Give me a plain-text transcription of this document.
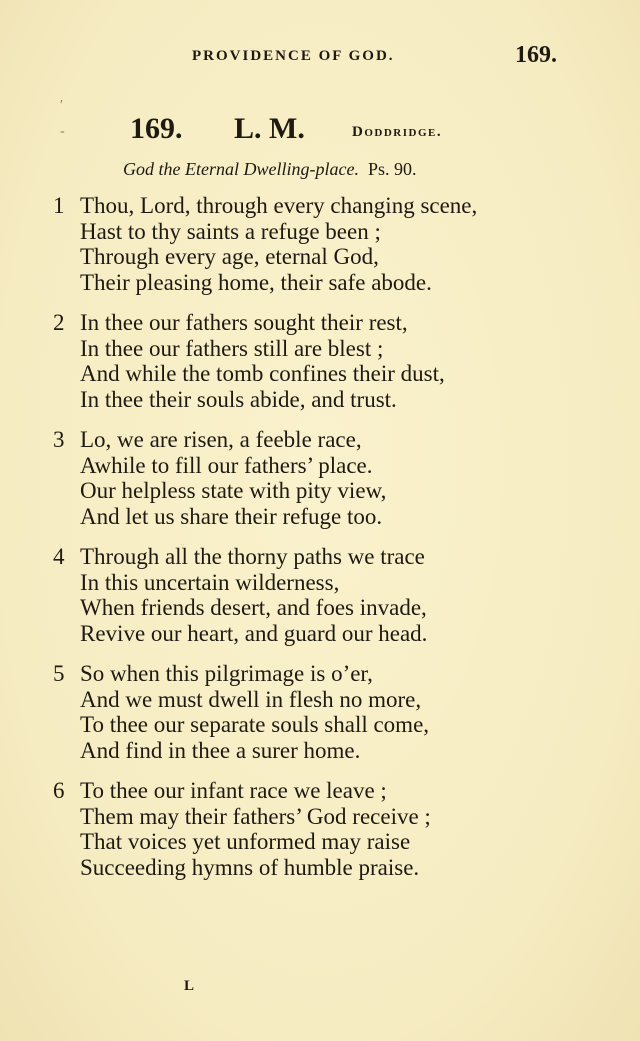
PROVIDENCE OF GOD.	169.
′
- 169. L. M.	Doddridge.
God the Eternal Dwelling-place. Ps. 90.
1 Thou, Lord, through every changing scene,
Hast to thy saints a refuge been ;
Through every age, eternal God,
Their pleasing home, their safe abode.
2 In thee our fathers sought their rest,
In thee our fathers still are blest ;
And while the tomb confines their dust,
In thee their souls abide, and trust.
3 Lo, we are risen, a feeble race,
Awhile to fill our fathers’ place.
Our helpless state with pity view,
And let us share their refuge too.
4 Through all the thorny paths we trace
In this uncertain wilderness,
When friends desert, and foes invade,
Revive our heart, and guard our head.
5 So when this pilgrimage is o’er,
And we must dwell in flesh no more,
To thee our separate souls shall come,
And find in thee a surer home.
6 To thee our infant race we leave ;
Them may their fathers’ God receive ;
That voices yet unformed may raise
Succeeding hymns of humble praise.
L
